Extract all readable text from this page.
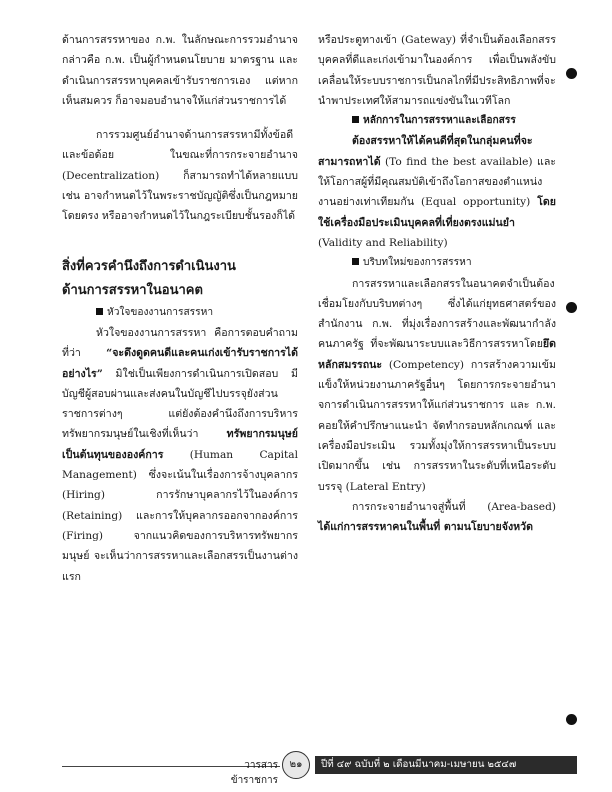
ด้านการสรรหาของ ก.พ. ในลักษณะการรวมอำนาจ กล่าวคือ ก.พ. เป็นผู้กำหนดนโยบาย มาตรฐาน และดำเนินการสรรหาบุคคลเข้ารับราชการเอง แต่หากเห็นสมควร ก็อาจมอบอำนาจให้แก่ส่วนราชการได้

การรวมศูนย์อำนาจด้านการสรรหามีทั้งข้อดีและข้อด้อย ในขณะที่การกระจายอำนาจ (Decentralization) ก็สามารถทำได้หลายแบบ เช่น อาจกำหนดไว้ในพระราชบัญญัติซึ่งเป็นกฎหมายโดยตรง หรืออาจกำหนดไว้ในกฎระเบียบชั้นรองก็ได้

สิ่งที่ควรคำนึงถึงการดำเนินงาน

ด้านการสรรหาในอนาคต

หัวใจของงานการสรรหา

หัวใจของงานการสรรหา คือการตอบคำถามที่ว่า “จะดึงดูดคนดีและคนเก่งเข้ารับราชการได้อย่างไร” มิใช่เป็นเพียงการดำเนินการเปิดสอบ มีบัญชีผู้สอบผ่านและส่งคนในบัญชีไปบรรจุยังส่วนราชการต่างๆ แต่ยังต้องคำนึงถึงการบริหารทรัพยากรมนุษย์ในเชิงที่เห็นว่า ทรัพยากรมนุษย์เป็นต้นทุนขององค์การ (Human Capital Management) ซึ่งจะเน้นในเรื่องการจ้างบุคลากร (Hiring) การรักษาบุคลากรไว้ในองค์การ (Retaining) และการให้บุคลากรออกจากองค์การ (Firing) จากแนวคิดของการบริหารทรัพยากรมนุษย์ จะเห็นว่าการสรรหาและเลือกสรรเป็นงานต่างแรก

หรือประตูทางเข้า (Gateway) ที่จำเป็นต้องเลือกสรรบุคคลที่ดีและเก่งเข้ามาในองค์การ เพื่อเป็นพลังขับเคลื่อนให้ระบบราชการเป็นกลไกที่มีประสิทธิภาพที่จะนำพาประเทศให้สามารถแข่งขันในเวทีโลก

หลักการในการสรรหาและเลือกสรร

ต้องสรรหาให้ได้คนดีที่สุดในกลุ่มคนที่จะสามารถหาได้ (To find the best available) และให้โอกาสผู้ที่มีคุณสมบัติเข้าถึงโอกาสของตำแหน่งงานอย่างเท่าเทียมกัน (Equal opportunity) โดยใช้เครื่องมือประเมินบุคคลที่เที่ยงตรงแม่นยำ (Validity and Reliability)

บริบทใหม่ของการสรรหา

การสรรหาและเลือกสรรในอนาคตจำเป็นต้องเชื่อมโยงกับบริบทต่างๆ ซึ่งได้แก่ยุทธศาสตร์ของสำนักงาน ก.พ. ที่มุ่งเรื่องการสร้างและพัฒนากำลังคนภาครัฐ ที่จะพัฒนาระบบและวิธีการสรรหาโดยยึดหลักสมรรถนะ (Competency) การสร้างความเข้มแข็งให้หน่วยงานภาครัฐอื่นๆ โดยการกระจายอำนาจการดำเนินการสรรหาให้แก่ส่วนราชการ และ ก.พ. คอยให้คำปรึกษาแนะนำ จัดทำกรอบหลักเกณฑ์ และเครื่องมือประเมิน รวมทั้งมุ่งให้การสรรหาเป็นระบบเปิดมากขึ้น เช่น การสรรหาในระดับที่เหนือระดับบรรจุ (Lateral Entry)

การกระจายอำนาจสู่พื้นที่ (Area-based) ได้แก่การสรรหาคนในพื้นที่ ตามนโยบายจังหวัด

วารสารข้าราชการ
๒๑	ปีที่ ๔๙ ฉบับที่ ๒ เดือนมีนาคม-เมษายน ๒๕๔๗
